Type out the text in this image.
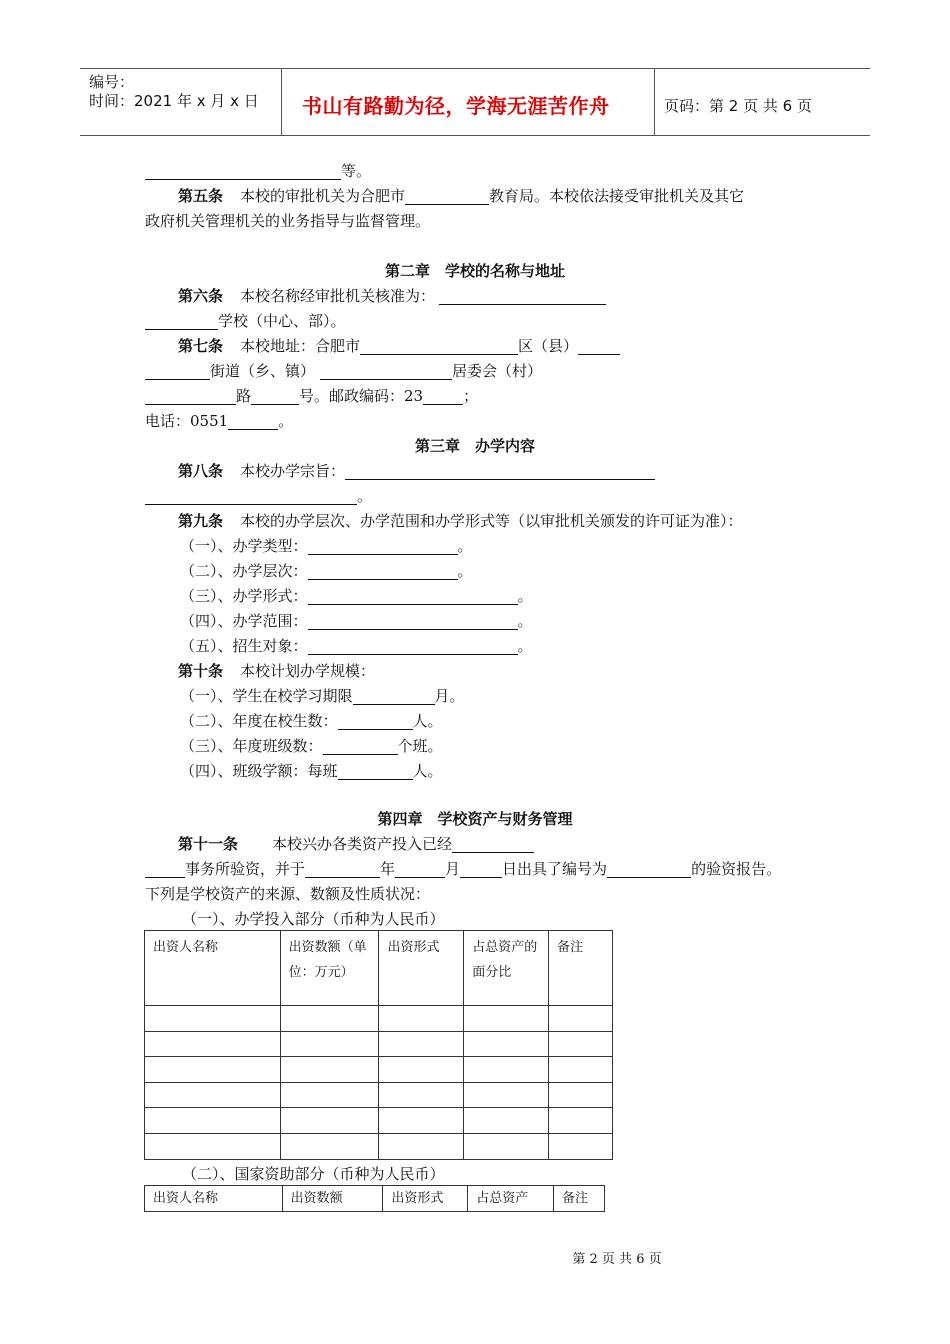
编号：
时间：2021 年 x 月 x 日 书山有路勤为径，学海无涯苦作舟	页码：第 2 页 共 6 页
等。
第五条 本校的审批机关为合肥市	教育局。本校依法接受审批机关及其它
政府机关管理机关的业务指导与监督管理。
第二章　学校的名称与地址
第六条 本校名称经审批机关核准为：
学校（中心、部）。
第七条 本校地址：合肥市	区（县）
街道（乡、镇）	居委会（村）
路	号。邮政编码：23	；
电话：0551	。
第三章　办学内容
第八条 本校办学宗旨：
。
第九条 本校的办学层次、办学范围和办学形式等（以审批机关颁发的许可证为准）：
（一）、办学类型：	。
（二）、办学层次：	。
（三）、办学形式：	。
（四）、办学范围：	。
（五）、招生对象：	。
第十条 本校计划办学规模：
（一）、学生在校学习期限	月。
（二）、年度在校生数：	人。
（三）、年度班级数：	个班。
（四）、班级学额：每班	人。
第四章　学校资产与财务管理
第十一条 本校兴办各类资产投入已经
事务所验资，并于	年	月	日出具了编号为	的验资报告。
下列是学校资产的来源、数额及性质状况：
（一）、办学投入部分（币种为人民币）
出资人名称	出资数额（单位：万元）	出资形式	占总资产的面分比	备注

（二）、国家资助部分（币种为人民币）
出资人名称	出资数额	出资形式	占总资产	备注
第 2 页 共 6 页
